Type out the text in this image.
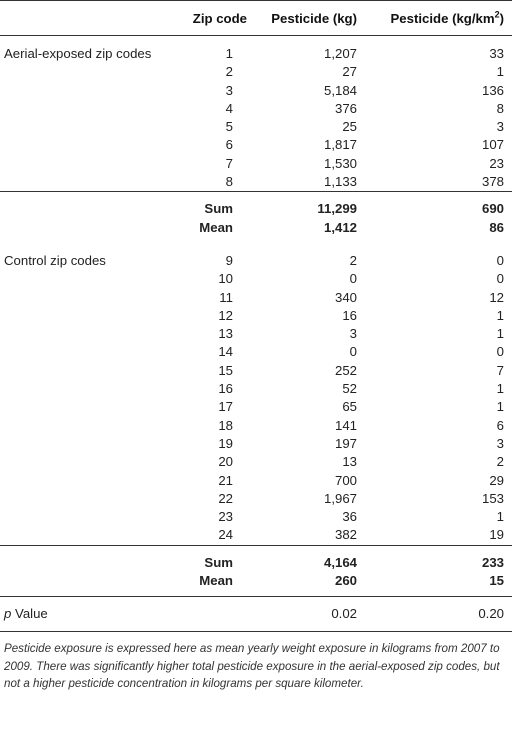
	Zip code	Pesticide (kg)	Pesticide $(kg/km^2)$
Aerial-exposed zip codes	1	1,207	33
	2	27	1
	3	5,184	136
	4	376	8
	5	25	3
	6	1,817	107
	7	1,530	23
	8	1,133	378
	Sum	11,299	690
	Mean	1,412	86
Control zip codes	9	2	0
	10	0	0
	11	340	12
	12	16	1
	13	3	1
	14	0	0
	15	252	7
	16	52	1
	17	65	1
	18	141	6
	19	197	3
	20	13	2
	21	700	29
	22	1,967	153
	23	36	1
	24	382	19
	Sum	4,164	233
	Mean	260	15
p Value		0.02	0.20

Pesticide exposure is expressed here as mean yearly weight exposure in kilograms from 2007 to 2009. There was significantly higher total pesticide exposure in the aerial-exposed zip codes, but not a higher pesticide concentration in kilograms per square kilometer.
